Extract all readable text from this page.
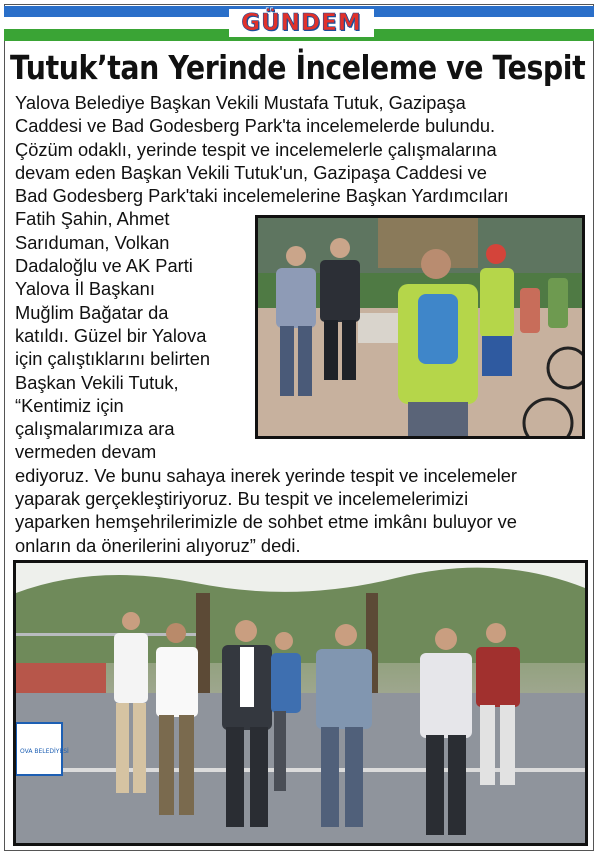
GÜNDEM
Tutuk’tan Yerinde İnceleme ve Tespit

Yalova Belediye Başkan Vekili Mustafa Tutuk, Gazipaşa

Caddesi ve Bad Godesberg Park'ta incelemelerde bulundu.

Çözüm odaklı, yerinde tespit ve incelemelerle çalışmalarına

devam eden Başkan Vekili Tutuk'un, Gazipaşa Caddesi ve

Bad Godesberg Park'taki incelemelerine Başkan Yardımcıları

Fatih Şahin, Ahmet

Sarıduman, Volkan

Dadaloğlu ve AK Parti

Yalova İl Başkanı

Muğlim Bağatar da

katıldı. Güzel bir Yalova

için çalıştıklarını belirten

Başkan Vekili Tutuk,

“Kentimiz için

çalışmalarımıza ara

vermeden devam

ediyoruz. Ve bunu sahaya inerek yerinde tespit ve incelemeler

yaparak gerçekleştiriyoruz. Bu tespit ve incelemelerimizi

yaparken hemşehrilerimizle de sohbet etme imkânı buluyor ve

onların da önerilerini alıyoruz” dedi.

OVA BELEDİYESİ
